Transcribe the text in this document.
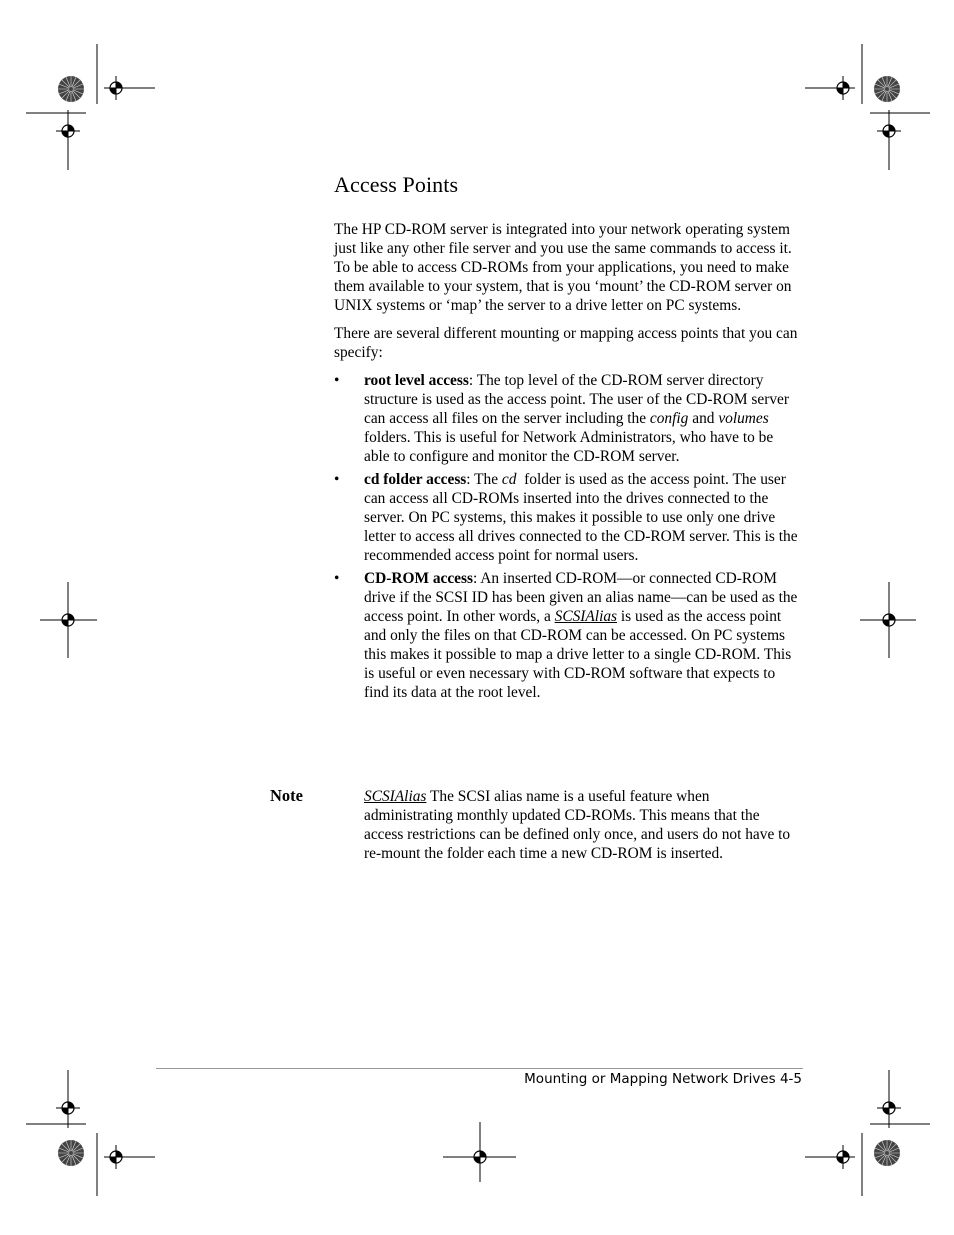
Access Points

The HP CD-ROM server is integrated into your network operating system just like any other file server and you use the same commands to access it. To be able to access CD-ROMs from your applications, you need to make them available to your system, that is you ‘mount’ the CD-ROM server on UNIX systems or ‘map’ the server to a drive letter on PC systems.

There are several different mounting or mapping access points that you can specify:

• root level access: The top level of the CD-ROM server directory structure is used as the access point. The user of the CD-ROM server can access all files on the server including the config and volumes folders. This is useful for Network Administrators, who have to be able to configure and monitor the CD-ROM server.
• cd folder access: The cd  folder is used as the access point. The user can access all CD-ROMs inserted into the drives connected to the server. On PC systems, this makes it possible to use only one drive letter to access all drives connected to the CD-ROM server. This is the recommended access point for normal users.
• CD-ROM access: An inserted CD-ROM—or connected CD-ROM drive if the SCSI ID has been given an alias name—can be used as the access point. In other words, a SCSIAlias is used as the access point and only the files on that CD-ROM can be accessed. On PC systems this makes it possible to map a drive letter to a single CD-ROM. This is useful or even necessary with CD-ROM software that expects to find its data at the root level.
Note	SCSIAlias The SCSI alias name is a useful feature when administrating monthly updated CD-ROMs. This means that the access restrictions can be defined only once, and users do not have to re-mount the folder each time a new CD-ROM is inserted.
Mounting or Mapping Network Drives 4-5
